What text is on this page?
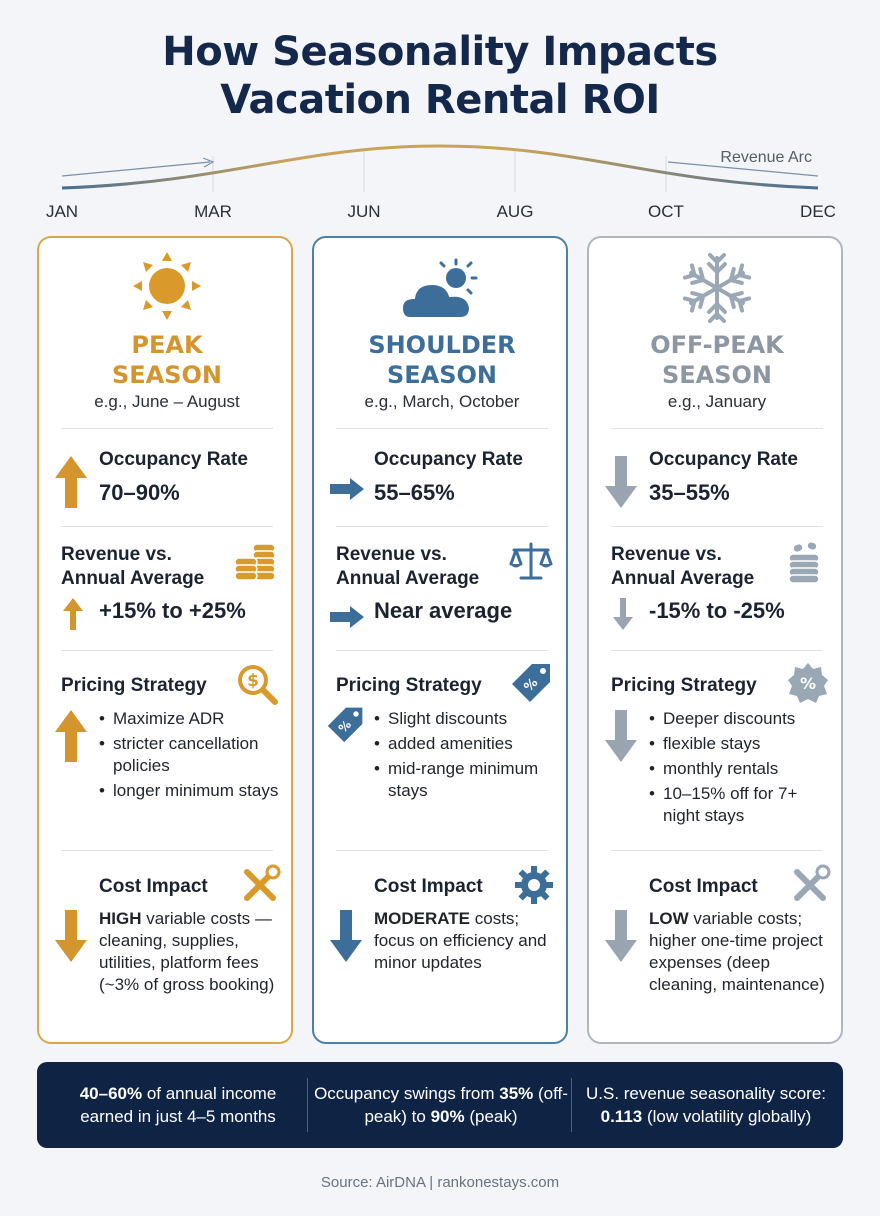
How Seasonality Impacts
Vacation Rental ROI
Revenue Arc
JAN	MAR	JUN	AUG	OCT	DEC
PEAK
SEASON
e.g., June – August
Occupancy Rate
70–90%
Revenue vs.
Annual Average
+15% to +25%
Pricing Strategy $
• Maximize ADR
• stricter cancellation policies
• longer minimum stays
Cost Impact
HIGH variable costs — cleaning, supplies, utilities, platform fees (~3% of gross booking)
SHOULDER
SEASON
e.g., March, October
Occupancy Rate
55–65%
Revenue vs.
Annual Average
Near average
Pricing Strategy	%
%
•	Slight discounts
• added amenities
• mid-range minimum stays
Cost Impact
MODERATE costs; focus on efficiency and minor updates
OFF-PEAK
SEASON
e.g., January
Occupancy Rate
35–55%
Revenue vs.
Annual Average
-15% to -25%
Pricing Strategy	%
• Deeper discounts
• flexible stays
• monthly rentals
• 10–15% off for 7+ night stays
Cost Impact
LOW variable costs; higher one-time project expenses (deep cleaning, maintenance)
40–60% of annual income earned in just 4–5 months
Occupancy swings from 35% (off-peak) to 90% (peak)
U.S. revenue seasonality score: 0.113 (low volatility globally)
Source: AirDNA | rankonestays.com
